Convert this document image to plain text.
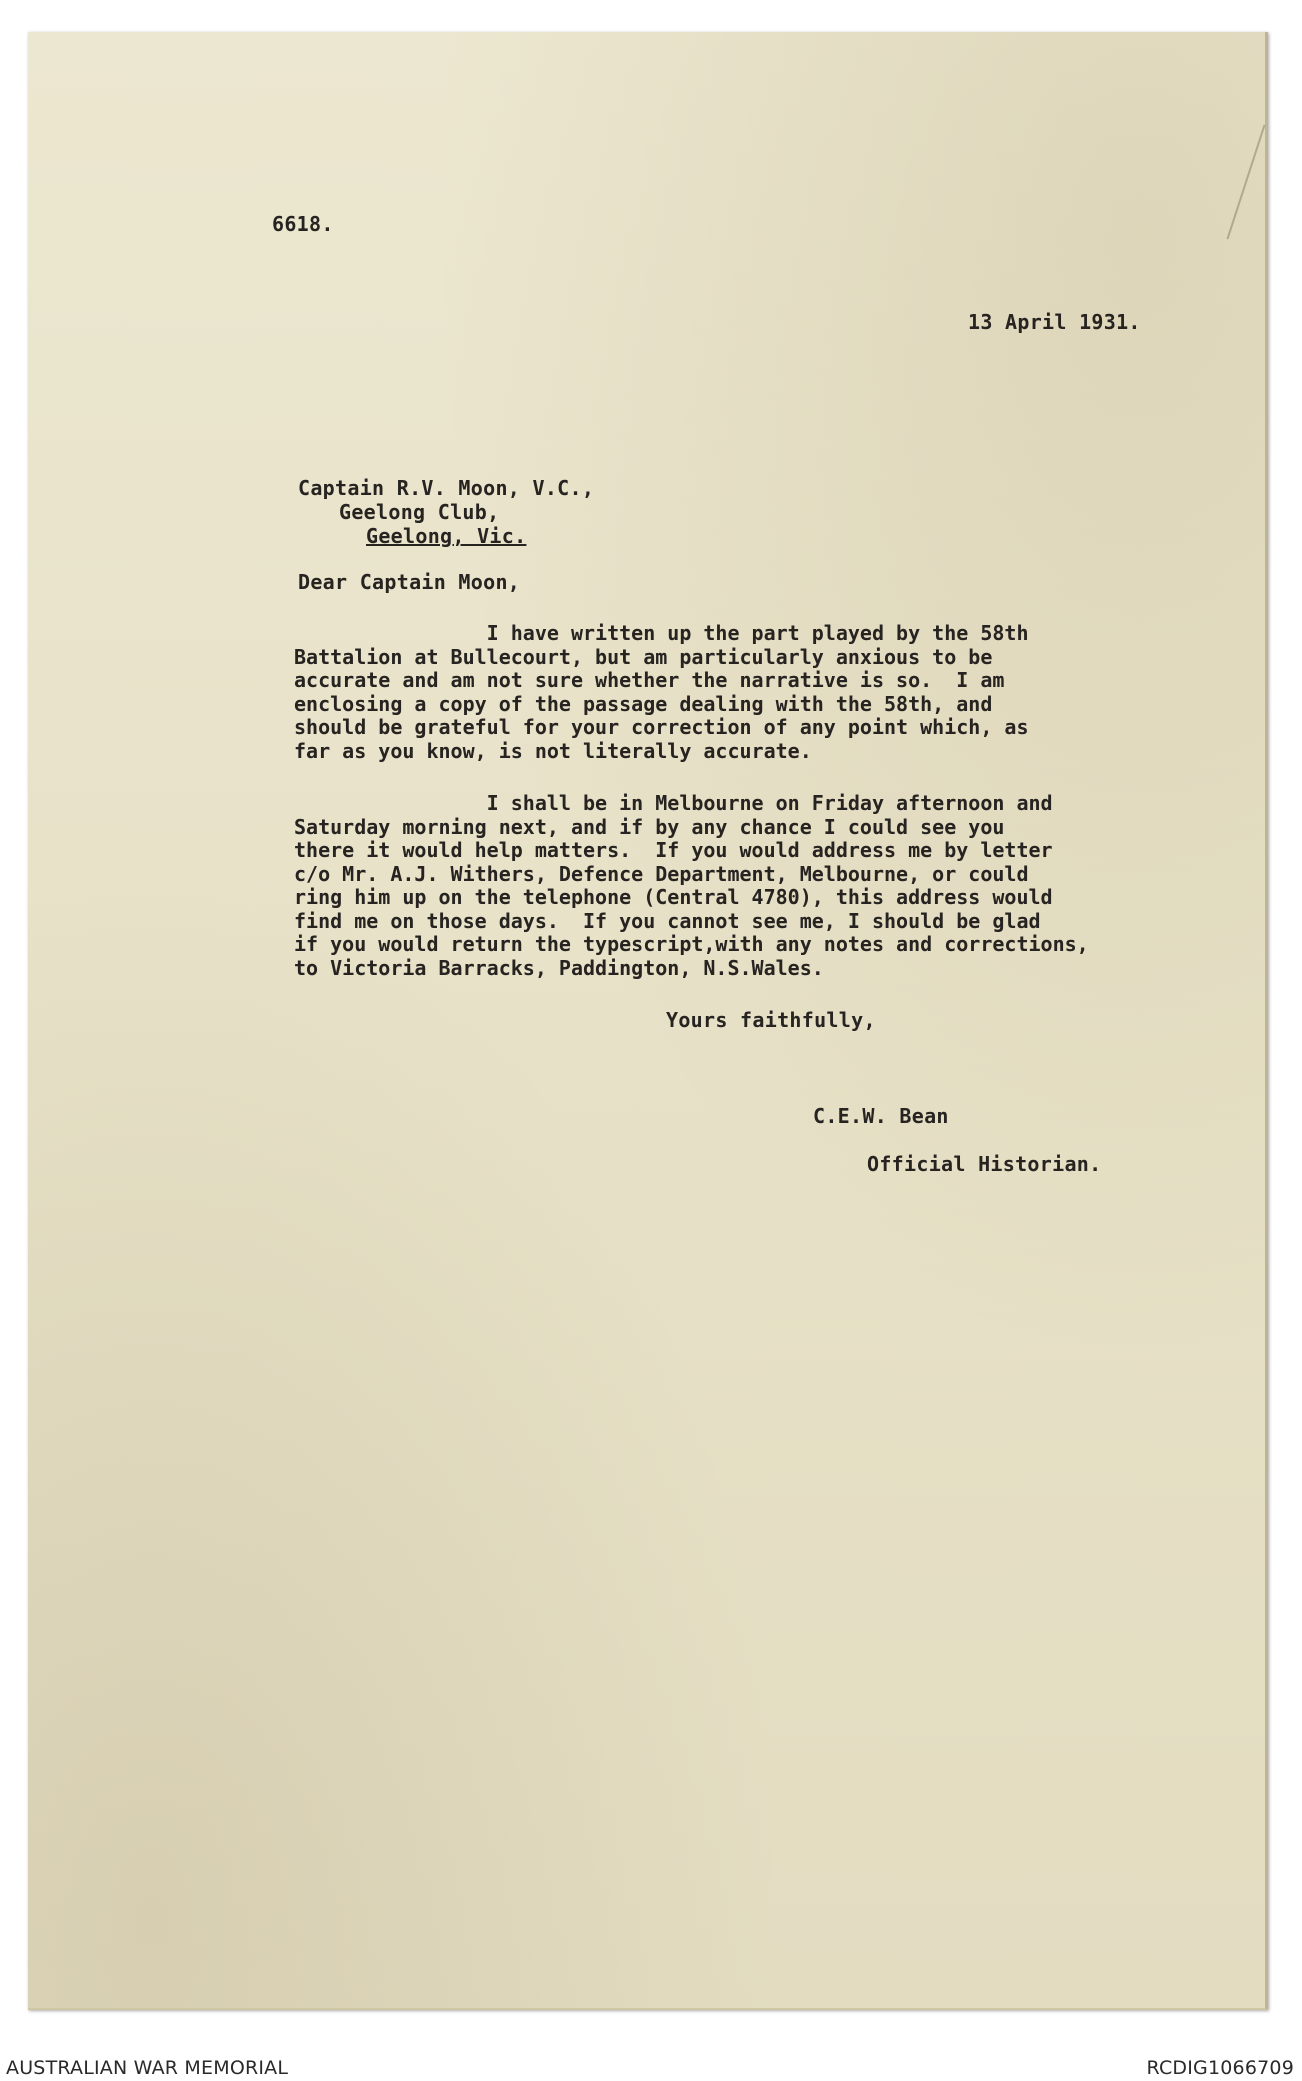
6618.
13 April 1931.
Captain R.V. Moon, V.C.,
Geelong Club,
Geelong, Vic.
Dear Captain Moon,
I have written up the part played by the 58th
Battalion at Bullecourt, but am particularly anxious to be
accurate and am not sure whether the narrative is so.  I am
enclosing a copy of the passage dealing with the 58th, and
should be grateful for your correction of any point which, as
far as you know, is not literally accurate.
I shall be in Melbourne on Friday afternoon and
Saturday morning next, and if by any chance I could see you
there it would help matters.  If you would address me by letter
c/o Mr. A.J. Withers, Defence Department, Melbourne, or could
ring him up on the telephone (Central 4780), this address would
find me on those days.  If you cannot see me, I should be glad
if you would return the typescript,with any notes and corrections,
to Victoria Barracks, Paddington, N.S.Wales.
Yours faithfully,
C.E.W. Bean
Official Historian.
AUSTRALIAN WAR MEMORIAL	RCDIG1066709
